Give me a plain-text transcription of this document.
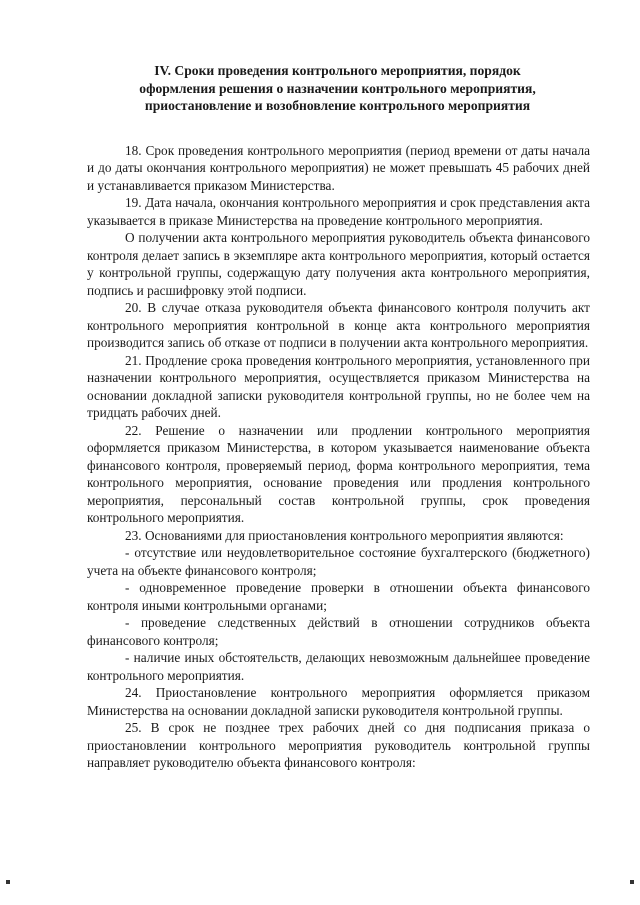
IV. Сроки проведения контрольного мероприятия, порядок
оформления решения о назначении контрольного мероприятия,
приостановление и возобновление контрольного мероприятия

18. Срок проведения контрольного мероприятия (период времени от даты начала и до даты окончания контрольного мероприятия) не может превышать 45 рабочих дней и устанавливается приказом Министерства.

19. Дата начала, окончания контрольного мероприятия и срок представления акта указывается в приказе Министерства на проведение контрольного мероприятия.

О получении акта контрольного мероприятия руководитель объекта финансового контроля делает запись в экземпляре акта контрольного мероприятия, который остается у контрольной группы, содержащую дату получения акта контрольного мероприятия, подпись и расшифровку этой подписи.

20. В случае отказа руководителя объекта финансового контроля получить акт контрольного мероприятия контрольной в конце акта контрольного мероприятия производится запись об отказе от подписи в получении акта контрольного мероприятия.

21. Продление срока проведения контрольного мероприятия, установленного при назначении контрольного мероприятия, осуществляется приказом Министерства на основании докладной записки руководителя контрольной группы, но не более чем на тридцать рабочих дней.

22. Решение о назначении или продлении контрольного мероприятия оформляется приказом Министерства, в котором указывается наименование объекта финансового контроля, проверяемый период, форма контрольного мероприятия, тема контрольного мероприятия, основание проведения или продления контрольного мероприятия, персональный состав контрольной группы, срок проведения контрольного мероприятия.

23. Основаниями для приостановления контрольного мероприятия являются:

- отсутствие или неудовлетворительное состояние бухгалтерского (бюджетного) учета на объекте финансового контроля;

- одновременное проведение проверки в отношении объекта финансового контроля иными контрольными органами;

- проведение следственных действий в отношении сотрудников объекта финансового контроля;

- наличие иных обстоятельств, делающих невозможным дальнейшее проведение контрольного мероприятия.

24. Приостановление контрольного мероприятия оформляется приказом Министерства на основании докладной записки руководителя контрольной группы.

25. В срок не позднее трех рабочих дней со дня подписания приказа о приостановлении контрольного мероприятия руководитель контрольной группы направляет руководителю объекта финансового контроля:
